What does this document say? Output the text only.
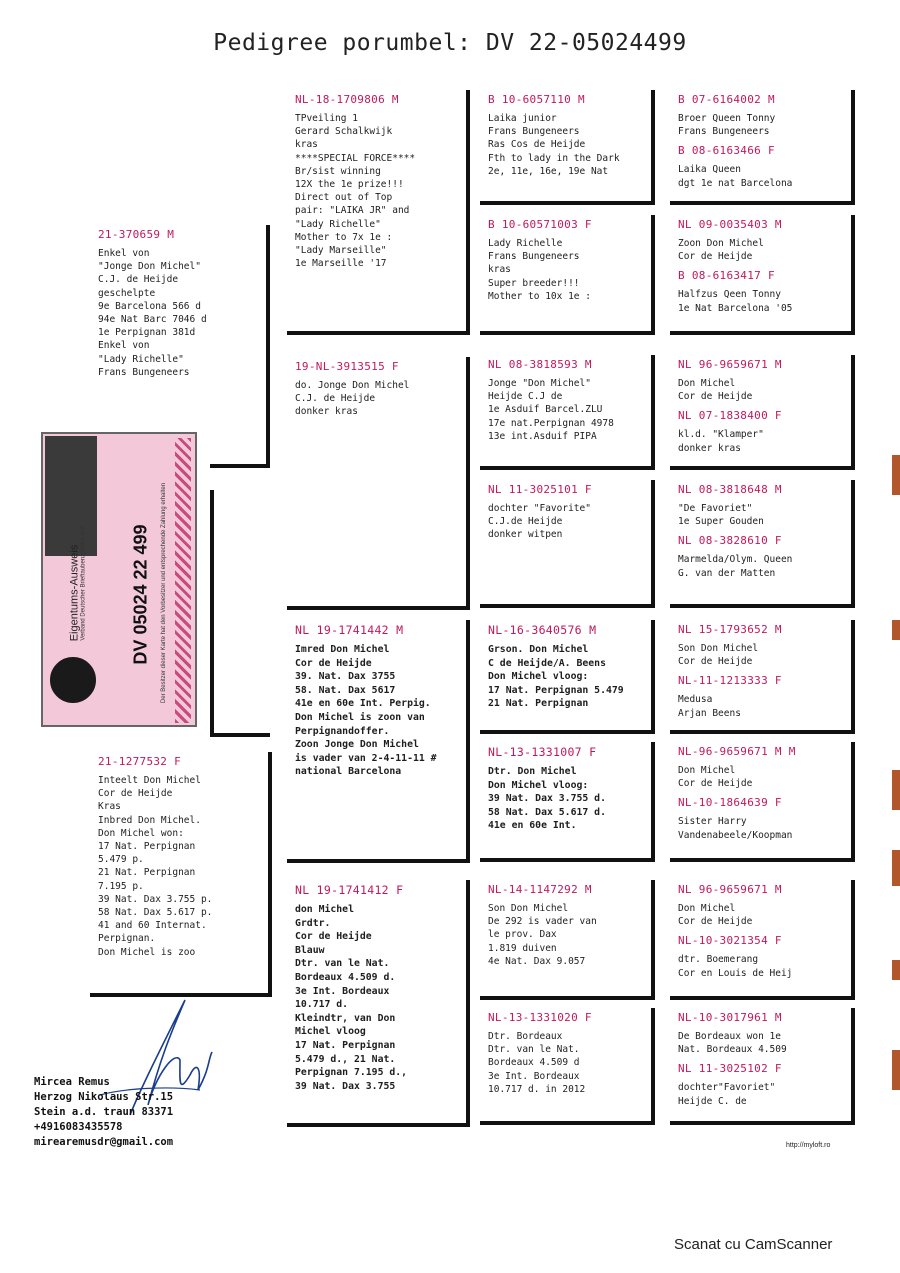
Pedigree porumbel: DV 22-05024499
21-370659 M
Enkel von
"Jonge Don Michel"
C.J. de Heijde
geschelpte
9e Barcelona 566 d
94e Nat Barc 7046 d
1e Perpignan 381d
Enkel von
"Lady Richelle"
Frans Bungeneers
21-1277532 F
Inteelt Don Michel
Cor de Heijde
Kras
Inbred Don Michel.
Don Michel won:
17 Nat. Perpignan
5.479 p.
21 Nat. Perpignan
7.195 p.
39 Nat. Dax 3.755 p.
58 Nat. Dax 5.617 p.
41 and 60 Internat.
Perpignan.
Don Michel is zoo
NL-18-1709806 M
TPveiling 1
Gerard Schalkwijk
kras
****SPECIAL FORCE****
Br/sist winning
12X the 1e prize!!!
Direct out of Top
pair: "LAIKA JR" and
"Lady Richelle"
Mother to 7x 1e :
"Lady Marseille"
1e Marseille '17
19-NL-3913515 F
do. Jonge Don Michel
C.J. de Heijde
donker kras
NL 19-1741442 M
Imred Don Michel
Cor de Heijde
39. Nat. Dax 3755
58. Nat. Dax 5617
41e en 60e Int. Perpig.
Don Michel is zoon van
Perpignandoffer.
Zoon Jonge Don Michel
is vader van 2-4-11-11 #
national Barcelona
NL 19-1741412 F
don Michel
Grdtr.
Cor de Heijde
Blauw
Dtr. van le Nat.
Bordeaux 4.509 d.
3e Int. Bordeaux
10.717 d.
Kleindtr, van Don
Michel vloog
17 Nat. Perpignan
5.479 d., 21 Nat.
Perpignan 7.195 d.,
39 Nat. Dax 3.755
B 10-6057110 M
Laika junior
Frans Bungeneers
Ras Cos de Heijde
Fth to lady in the Dark
2e, 11e, 16e, 19e Nat
B 10-60571003 F
Lady Richelle
Frans Bungeneers
kras
Super breeder!!!
Mother to 10x 1e :
NL 08-3818593 M
Jonge "Don Michel"
Heijde C.J de
1e Asduif Barcel.ZLU
17e nat.Perpignan 4978
13e int.Asduif PIPA
NL 11-3025101 F
dochter "Favorite"
C.J.de Heijde
donker witpen
NL-16-3640576 M
Grson. Don Michel
C de Heijde/A. Beens
Don Michel vloog:
17 Nat. Perpignan 5.479
21 Nat. Perpignan
NL-13-1331007 F
Dtr. Don Michel
Don Michel vloog:
39 Nat. Dax 3.755 d.
58 Nat. Dax 5.617 d.
41e en 60e Int.
NL-14-1147292 M
Son Don Michel
De 292 is vader van
le prov. Dax
1.819 duiven
4e Nat. Dax 9.057
NL-13-1331020 F
Dtr. Bordeaux
Dtr. van le Nat.
Bordeaux 4.509 d
3e Int. Bordeaux
10.717 d. in 2012
B 07-6164002 M
Broer Queen Tonny
Frans Bungeneers
B 08-6163466 F
Laika Queen
dgt 1e nat Barcelona
NL 09-0035403 M
Zoon Don Michel
Cor de Heijde
B 08-6163417 F
Halfzus Qeen Tonny
1e Nat Barcelona '05
NL 96-9659671 M
Don Michel
Cor de Heijde
NL 07-1838400 F
kl.d. "Klamper"
donker kras
NL 08-3818648 M
"De Favoriet"
1e Super Gouden
NL 08-3828610 F
Marmelda/Olym. Queen
G. van der Matten
NL 15-1793652 M
Son Don Michel
Cor de Heijde
NL-11-1213333 F
Medusa
Arjan Beens
NL-96-9659671 M M
Don Michel
Cor de Heijde
NL-10-1864639 F
Sister Harry
Vandenabeele/Koopman
NL 96-9659671 M
Don Michel
Cor de Heijde
NL-10-3021354 F
dtr. Boemerang
Cor en Louis de Heij
NL-10-3017961 M
De Bordeaux won 1e
Nat. Bordeaux 4.509
NL 11-3025102 F
dochter"Favoriet"
Heijde C. de
Verband Deutscher Brieftaubenzüchter e.V.
Eigentums-Ausweis	Der Besitzer dieser Karte hat den Vorbesitzer und entsprechende Zahlung erhalten
DV 05024 22 499
Mircea Remus
Herzog Nikolaus Str.15
Stein a.d. traun 83371
+4916083435578
mirearemusdr@gmail.com	http://myloft.ro
Scanat cu CamScanner
